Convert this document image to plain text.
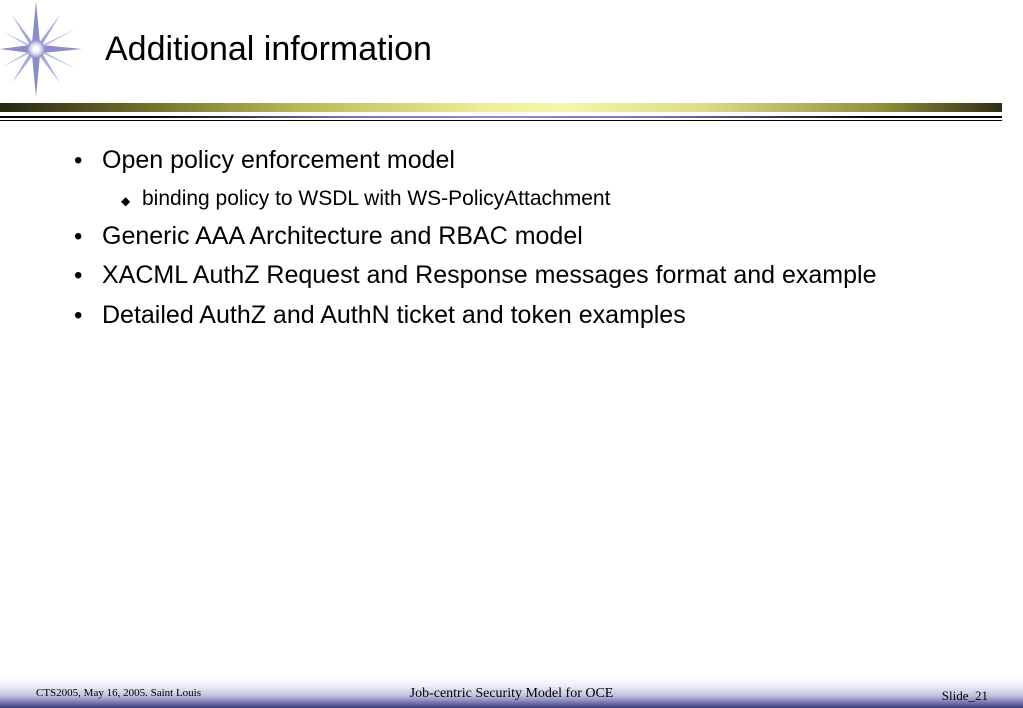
Additional information
• Open policy enforcement model
◆ binding policy to WSDL with WS-PolicyAttachment
• Generic AAA Architecture and RBAC model
• XACML AuthZ Request and Response messages format and example
• Detailed AuthZ and AuthN ticket and token examples
CTS2005, May 16, 2005. Saint Louis	Job-centric Security Model for OCE	Slide_21
